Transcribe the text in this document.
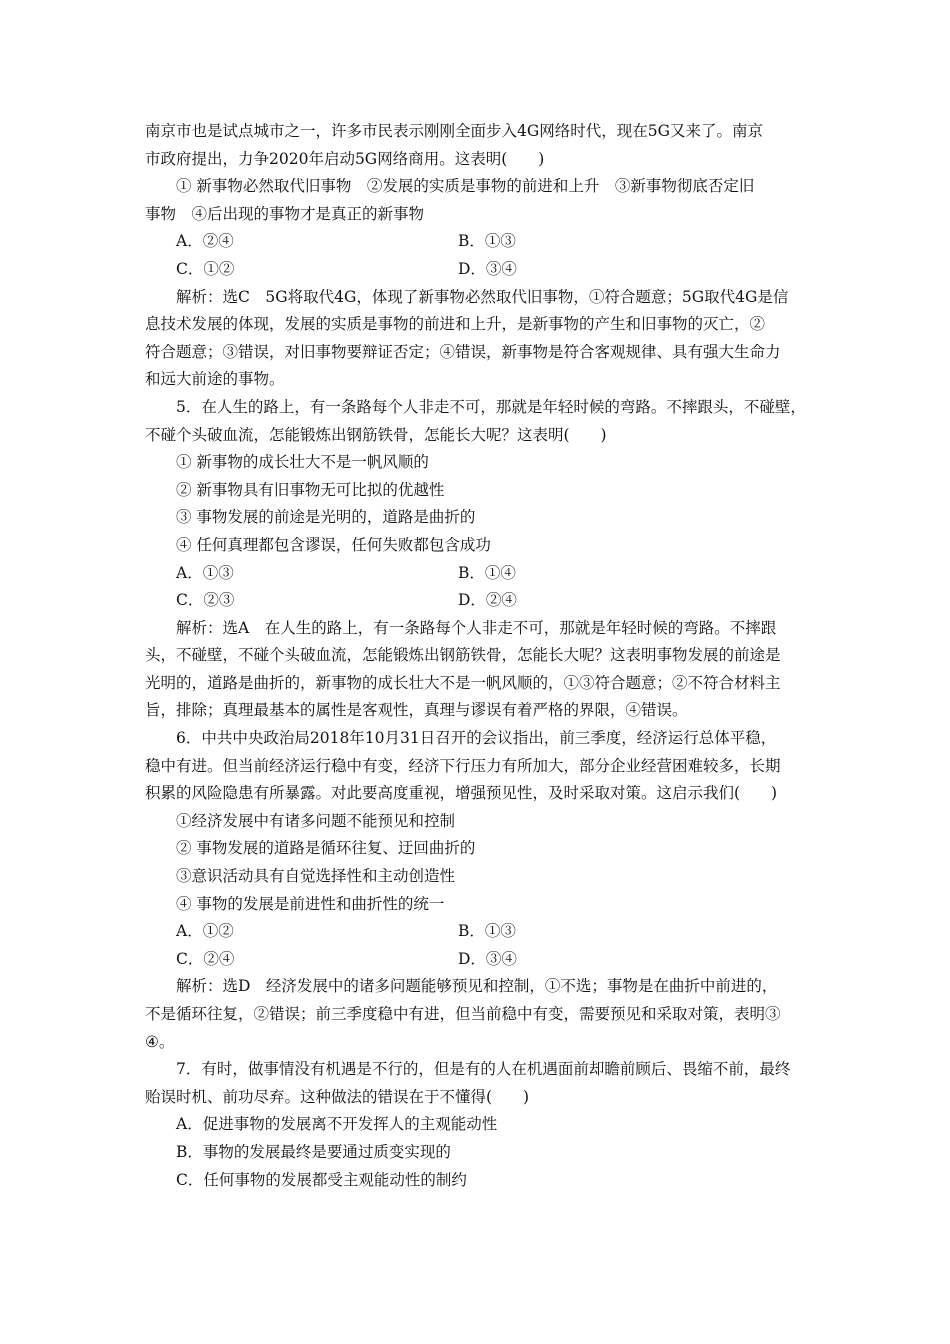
南京市也是试点城市之一，许多市民表示刚刚全面步入4G网络时代，现在5G又来了。南京
市政府提出，力争2020年启动5G网络商用。这表明(　　)
① 新事物必然取代旧事物　②发展的实质是事物的前进和上升　③新事物彻底否定旧
事物　④后出现的事物才是真正的新事物
A．②④	B．①③
C．①②	D．③④
解析：选C　5G将取代4G，体现了新事物必然取代旧事物，①符合题意；5G取代4G是信
息技术发展的体现，发展的实质是事物的前进和上升，是新事物的产生和旧事物的灭亡，②
符合题意；③错误，对旧事物要辩证否定；④错误，新事物是符合客观规律、具有强大生命力
和远大前途的事物。
5．在人生的路上，有一条路每个人非走不可，那就是年轻时候的弯路。不摔跟头，不碰壁，
不碰个头破血流，怎能锻炼出钢筋铁骨，怎能长大呢？这表明(　　)
① 新事物的成长壮大不是一帆风顺的
② 新事物具有旧事物无可比拟的优越性
③ 事物发展的前途是光明的，道路是曲折的
④ 任何真理都包含谬误，任何失败都包含成功
A．①③	B．①④
C．②③	D．②④
解析：选A　在人生的路上，有一条路每个人非走不可，那就是年轻时候的弯路。不摔跟
头，不碰壁，不碰个头破血流，怎能锻炼出钢筋铁骨，怎能长大呢？这表明事物发展的前途是
光明的，道路是曲折的，新事物的成长壮大不是一帆风顺的，①③符合题意；②不符合材料主
旨，排除；真理最基本的属性是客观性，真理与谬误有着严格的界限，④错误。
6．中共中央政治局2018年10月31日召开的会议指出，前三季度，经济运行总体平稳，
稳中有进。但当前经济运行稳中有变，经济下行压力有所加大，部分企业经营困难较多，长期
积累的风险隐患有所暴露。对此要高度重视，增强预见性，及时采取对策。这启示我们(　　)
①经济发展中有诸多问题不能预见和控制
② 事物发展的道路是循环往复、迂回曲折的
③意识活动具有自觉选择性和主动创造性
④ 事物的发展是前进性和曲折性的统一
A．①②	B．①③
C．②④	D．③④
解析：选D　经济发展中的诸多问题能够预见和控制，①不选；事物是在曲折中前进的，
不是循环往复，②错误；前三季度稳中有进，但当前稳中有变，需要预见和采取对策，表明③
④。
7．有时，做事情没有机遇是不行的，但是有的人在机遇面前却瞻前顾后、畏缩不前，最终
贻误时机、前功尽弃。这种做法的错误在于不懂得(　　)
A．促进事物的发展离不开发挥人的主观能动性
B．事物的发展最终是要通过质变实现的
C．任何事物的发展都受主观能动性的制约
